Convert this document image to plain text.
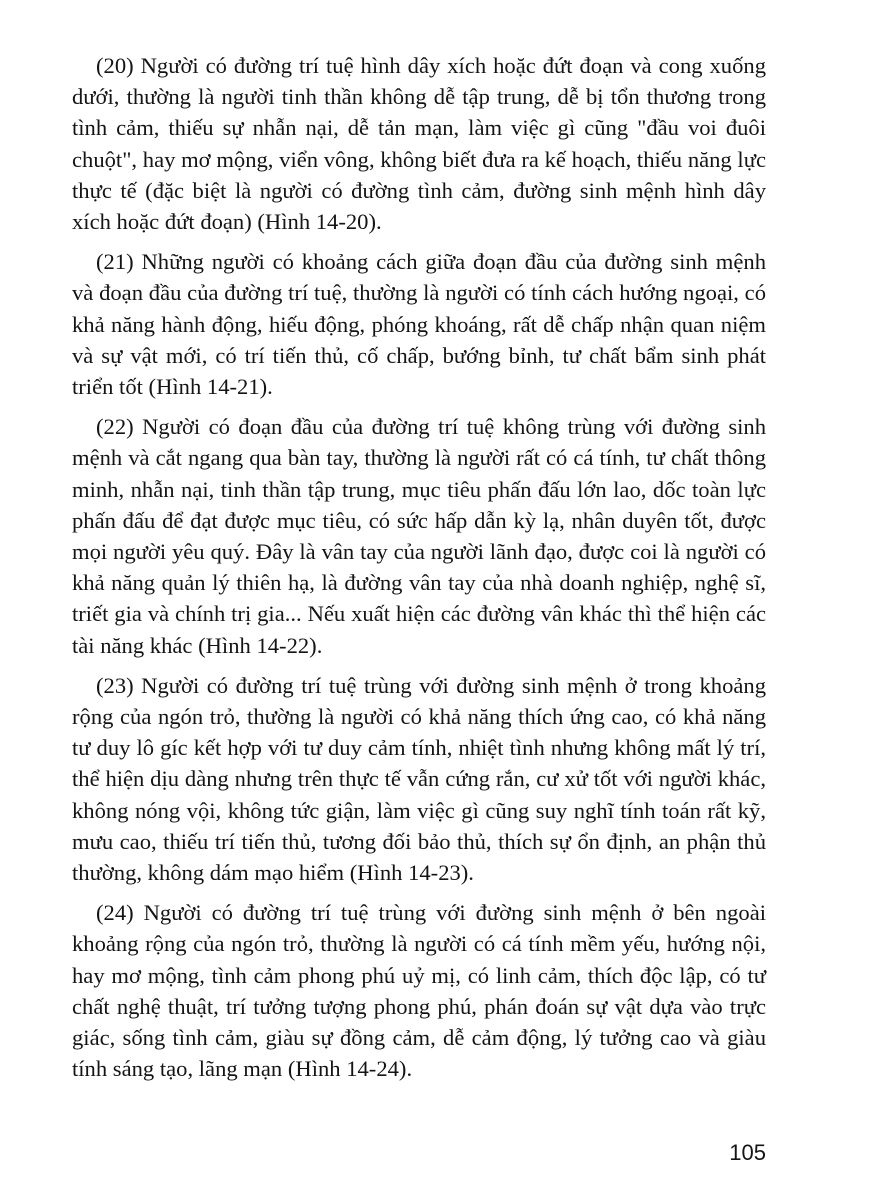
(20) Người có đường trí tuệ hình dây xích hoặc đứt đoạn và cong xuống dưới, thường là người tinh thần không dễ tập trung, dễ bị tổn thương trong tình cảm, thiếu sự nhẫn nại, dễ tản mạn, làm việc gì cũng "đầu voi đuôi chuột", hay mơ mộng, viển vông, không biết đưa ra kế hoạch, thiếu năng lực thực tế (đặc biệt là người có đường tình cảm, đường sinh mệnh hình dây xích hoặc đứt đoạn) (Hình 14-20).

(21) Những người có khoảng cách giữa đoạn đầu của đường sinh mệnh và đoạn đầu của đường trí tuệ, thường là người có tính cách hướng ngoại, có khả năng hành động, hiếu động, phóng khoáng, rất dễ chấp nhận quan niệm và sự vật mới, có trí tiến thủ, cố chấp, bướng bỉnh, tư chất bẩm sinh phát triển tốt (Hình 14-21).

(22) Người có đoạn đầu của đường trí tuệ không trùng với đường sinh mệnh và cắt ngang qua bàn tay, thường là người rất có cá tính, tư chất thông minh, nhẫn nại, tinh thần tập trung, mục tiêu phấn đấu lớn lao, dốc toàn lực phấn đấu để đạt được mục tiêu, có sức hấp dẫn kỳ lạ, nhân duyên tốt, được mọi người yêu quý. Đây là vân tay của người lãnh đạo, được coi là người có khả năng quản lý thiên hạ, là đường vân tay của nhà doanh nghiệp, nghệ sĩ, triết gia và chính trị gia... Nếu xuất hiện các đường vân khác thì thể hiện các tài năng khác (Hình 14-22).

(23) Người có đường trí tuệ trùng với đường sinh mệnh ở trong khoảng rộng của ngón trỏ, thường là người có khả năng thích ứng cao, có khả năng tư duy lô gíc kết hợp với tư duy cảm tính, nhiệt tình nhưng không mất lý trí, thể hiện dịu dàng nhưng trên thực tế vẫn cứng rắn, cư xử tốt với người khác, không nóng vội, không tức giận, làm việc gì cũng suy nghĩ tính toán rất kỹ, mưu cao, thiếu trí tiến thủ, tương đối bảo thủ, thích sự ổn định, an phận thủ thường, không dám mạo hiểm (Hình 14-23).

(24) Người có đường trí tuệ trùng với đường sinh mệnh ở bên ngoài khoảng rộng của ngón trỏ, thường là người có cá tính mềm yếu, hướng nội, hay mơ mộng, tình cảm phong phú uỷ mị, có linh cảm, thích độc lập, có tư chất nghệ thuật, trí tưởng tượng phong phú, phán đoán sự vật dựa vào trực giác, sống tình cảm, giàu sự đồng cảm, dễ cảm động, lý tưởng cao và giàu tính sáng tạo, lãng mạn (Hình 14-24).

105
